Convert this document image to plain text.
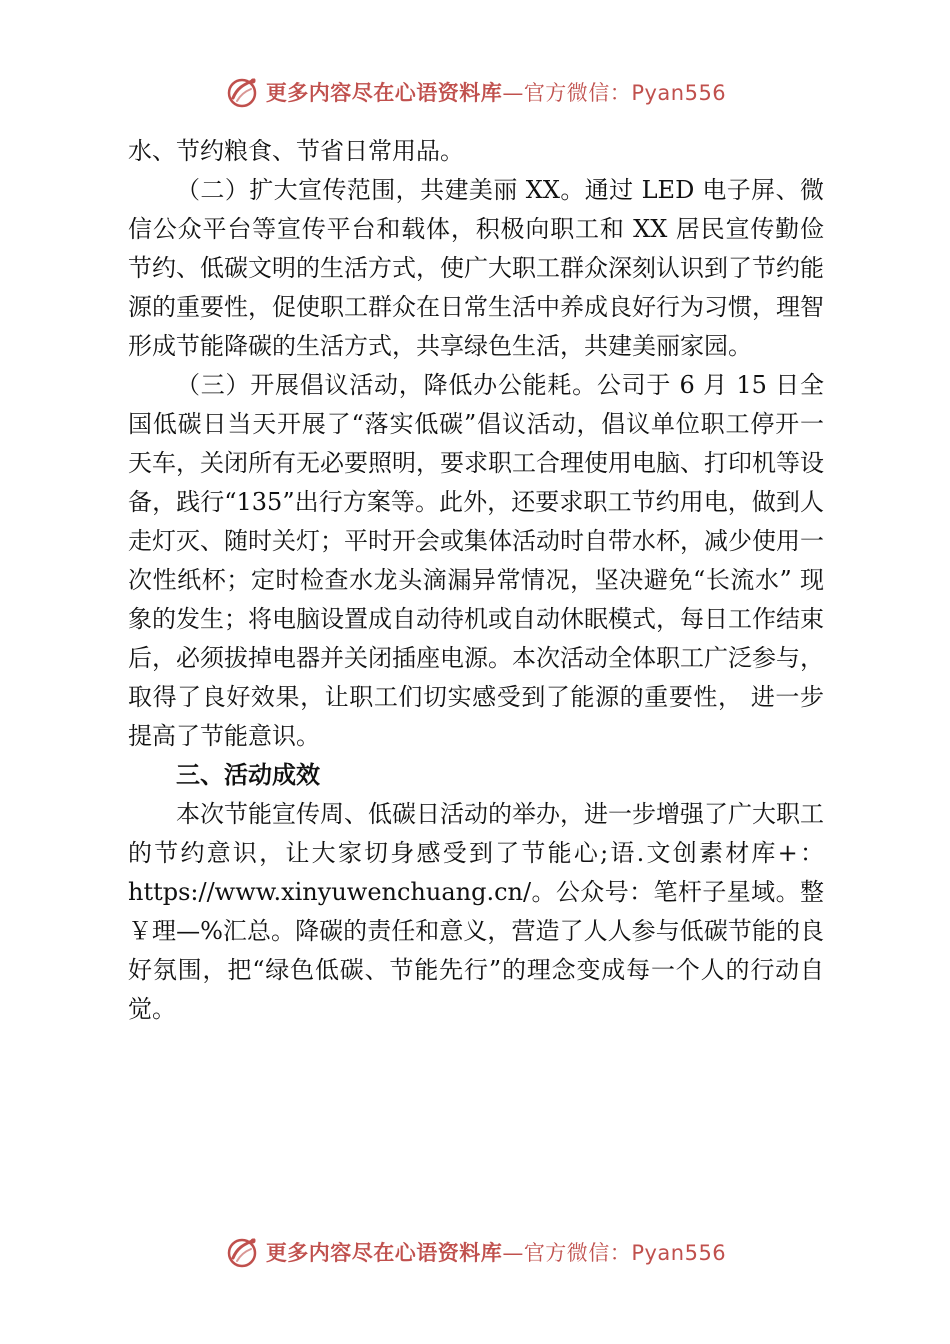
更多内容尽在心语资料库—官方微信：Pyan556

水、节约粮食、节省日常用品。

（二）扩大宣传范围，共建美丽 XX。通过 LED 电子屏、微信公众平台等宣传平台和载体，积极向职工和 XX 居民宣传勤俭节约、低碳文明的生活方式，使广大职工群众深刻认识到了节约能源的重要性，促使职工群众在日常生活中养成良好行为习惯，理智形成节能降碳的生活方式，共享绿色生活，共建美丽家园。

（三）开展倡议活动，降低办公能耗。公司于 6 月 15 日全国低碳日当天开展了“落实低碳”倡议活动，倡议单位职工停开一天车，关闭所有无必要照明，要求职工合理使用电脑、打印机等设备，践行“135”出行方案等。此外，还要求职工节约用电，做到人走灯灭、随时关灯；平时开会或集体活动时自带水杯，减少使用一次性纸杯；定时检查水龙头滴漏异常情况，坚决避免“长流水” 现象的发生；将电脑设置成自动待机或自动休眠模式，每日工作结束后，必须拔掉电器并关闭插座电源。本次活动全体职工广泛参与，取得了良好效果，让职工们切实感受到了能源的重要性， 进一步提高了节能意识。

三、活动成效

本次节能宣传周、低碳日活动的举办，进一步增强了广大职工的节约意识，让大家切身感受到了节能心;语.文创素材库+：https://www.xinyuwenchuang.cn/。公众号：笔杆子星域。整￥理—%汇总。降碳的责任和意义，营造了人人参与低碳节能的良好氛围，把“绿色低碳、节能先行”的理念变成每一个人的行动自觉。

更多内容尽在心语资料库—官方微信：Pyan556
